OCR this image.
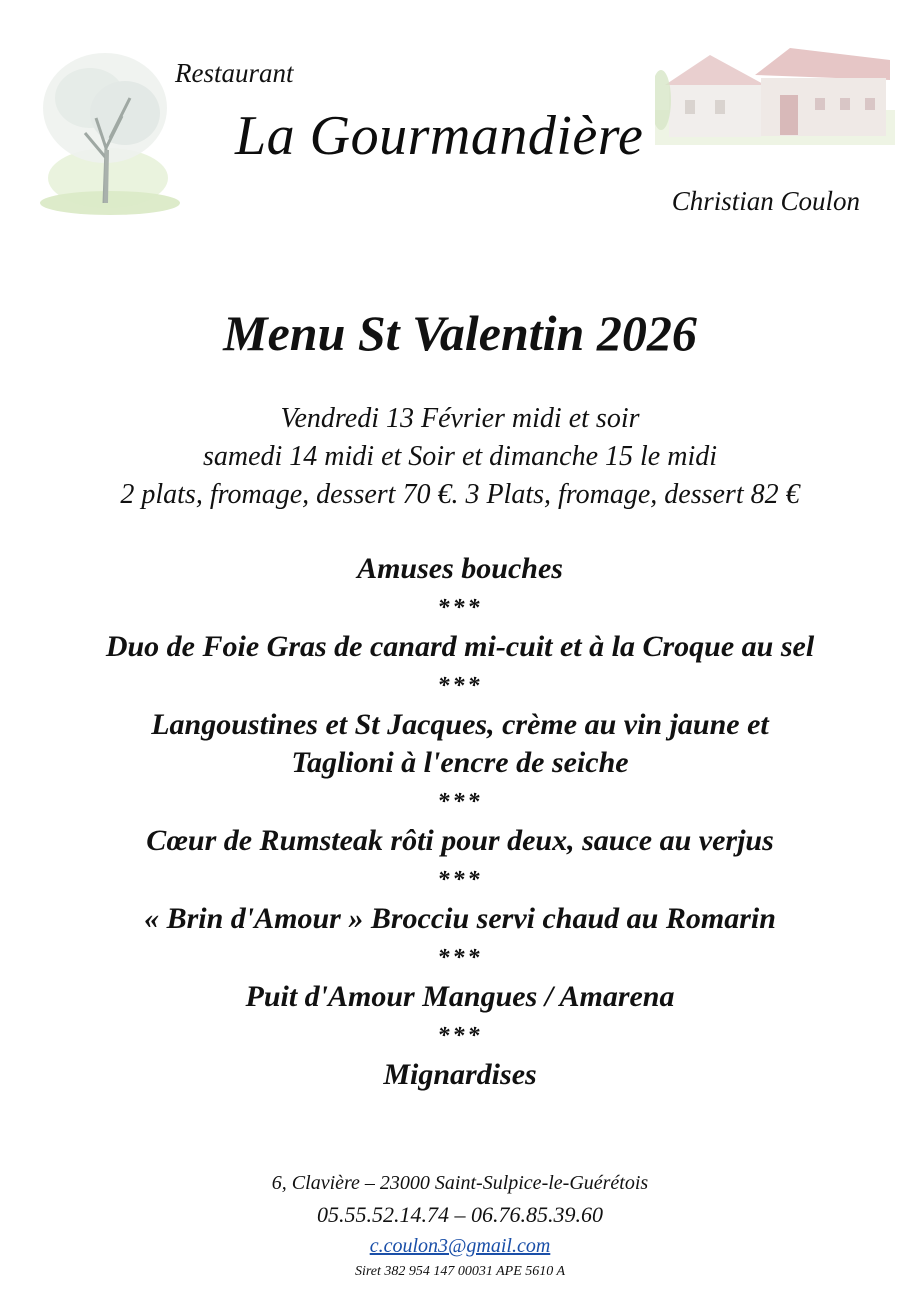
Restaurant
La Gourmandière
Christian Coulon
Menu St Valentin 2026
Vendredi 13 Février midi et soir
samedi 14 midi et Soir et dimanche 15 le midi
2 plats, fromage, dessert 70 €. 3 Plats, fromage, dessert 82 €

Amuses bouches

***

Duo de Foie Gras de canard mi-cuit et à la Croque au sel

***

Langoustines et St Jacques, crème au vin jaune et

Taglioni à l'encre de seiche

***

Cœur de Rumsteak rôti pour deux, sauce au verjus

***

« Brin d'Amour » Brocciu servi chaud au Romarin

***

Puit d'Amour Mangues / Amarena

***

Mignardises

6, Clavière – 23000 Saint-Sulpice-le-Guérétois
05.55.52.14.74 – 06.76.85.39.60
c.coulon3@gmail.com
Siret 382 954 147 00031 APE 5610 A
